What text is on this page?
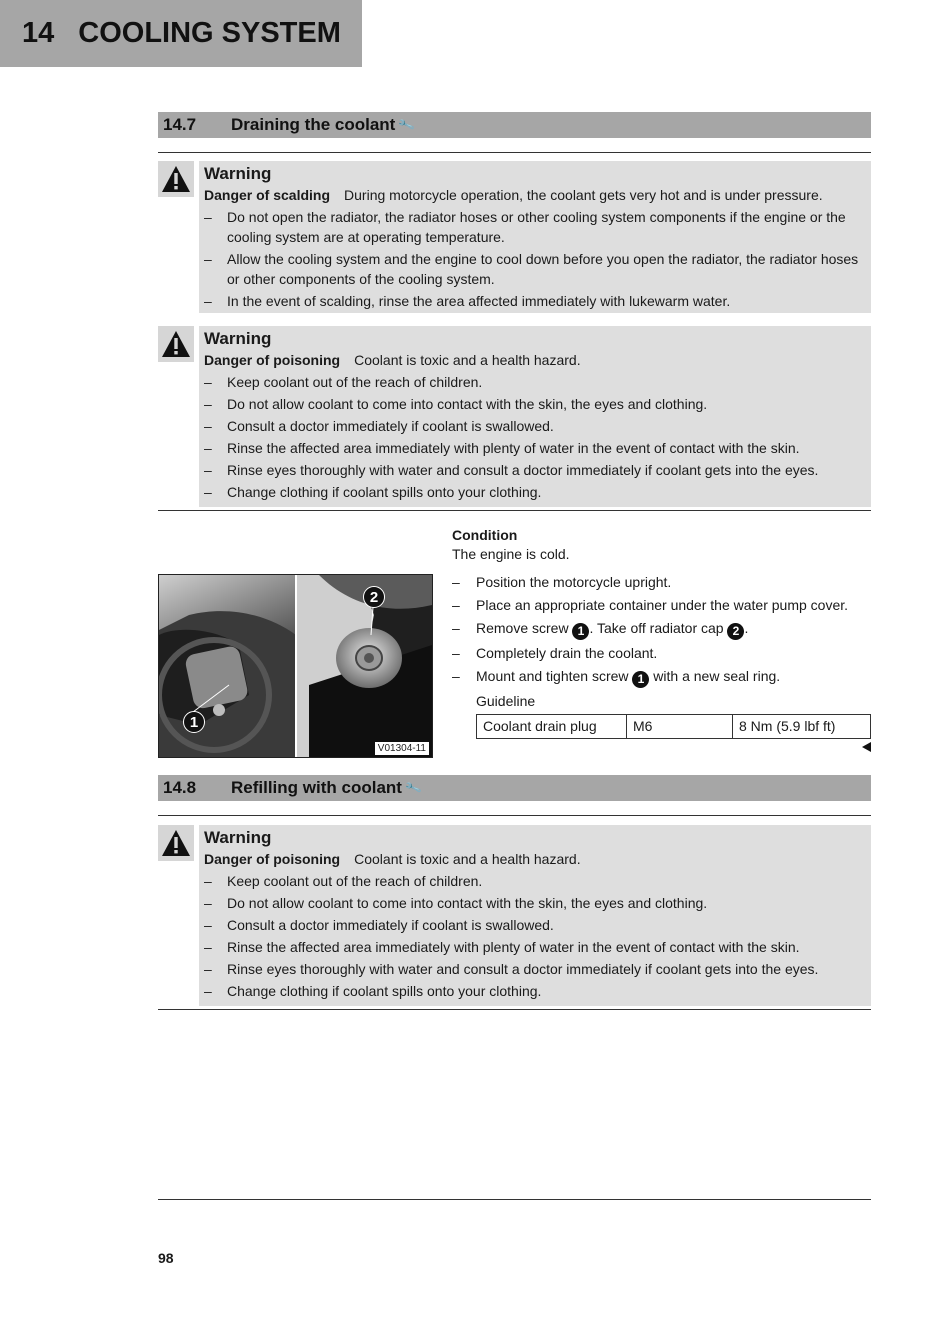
14 COOLING SYSTEM
14.7	Draining the coolant 🔧
Warning
Danger of scalding During motorcycle operation, the coolant gets very hot and is under pressure.
– Do not open the radiator, the radiator hoses or other cooling system components if the engine or the cooling system are at operating temperature.
– Allow the cooling system and the engine to cool down before you open the radiator, the radiator hoses or other components of the cooling system.
– In the event of scalding, rinse the area affected immediately with lukewarm water.
Warning
Danger of poisoning Coolant is toxic and a health hazard.
– Keep coolant out of the reach of children.
– Do not allow coolant to come into contact with the skin, the eyes and clothing.
– Consult a doctor immediately if coolant is swallowed.
– Rinse the affected area immediately with plenty of water in the event of contact with the skin.
– Rinse eyes thoroughly with water and consult a doctor immediately if coolant gets into the eyes.
– Change clothing if coolant spills onto your clothing.
1
2
V01304-11
Condition
The engine is cold.
– Position the motorcycle upright.
– Place an appropriate container under the water pump cover.
– Remove screw 1 . Take off radiator cap 2 .
– Completely drain the coolant.
– Mount and tighten screw 1 with a new seal ring.
Guideline
Coolant drain plug	M6	8 Nm (5.9 lbf ft)
14.8	Refilling with coolant 🔧
Warning
Danger of poisoning Coolant is toxic and a health hazard.
– Keep coolant out of the reach of children.
– Do not allow coolant to come into contact with the skin, the eyes and clothing.
– Consult a doctor immediately if coolant is swallowed.
– Rinse the affected area immediately with plenty of water in the event of contact with the skin.
– Rinse eyes thoroughly with water and consult a doctor immediately if coolant gets into the eyes.
– Change clothing if coolant spills onto your clothing.
98
